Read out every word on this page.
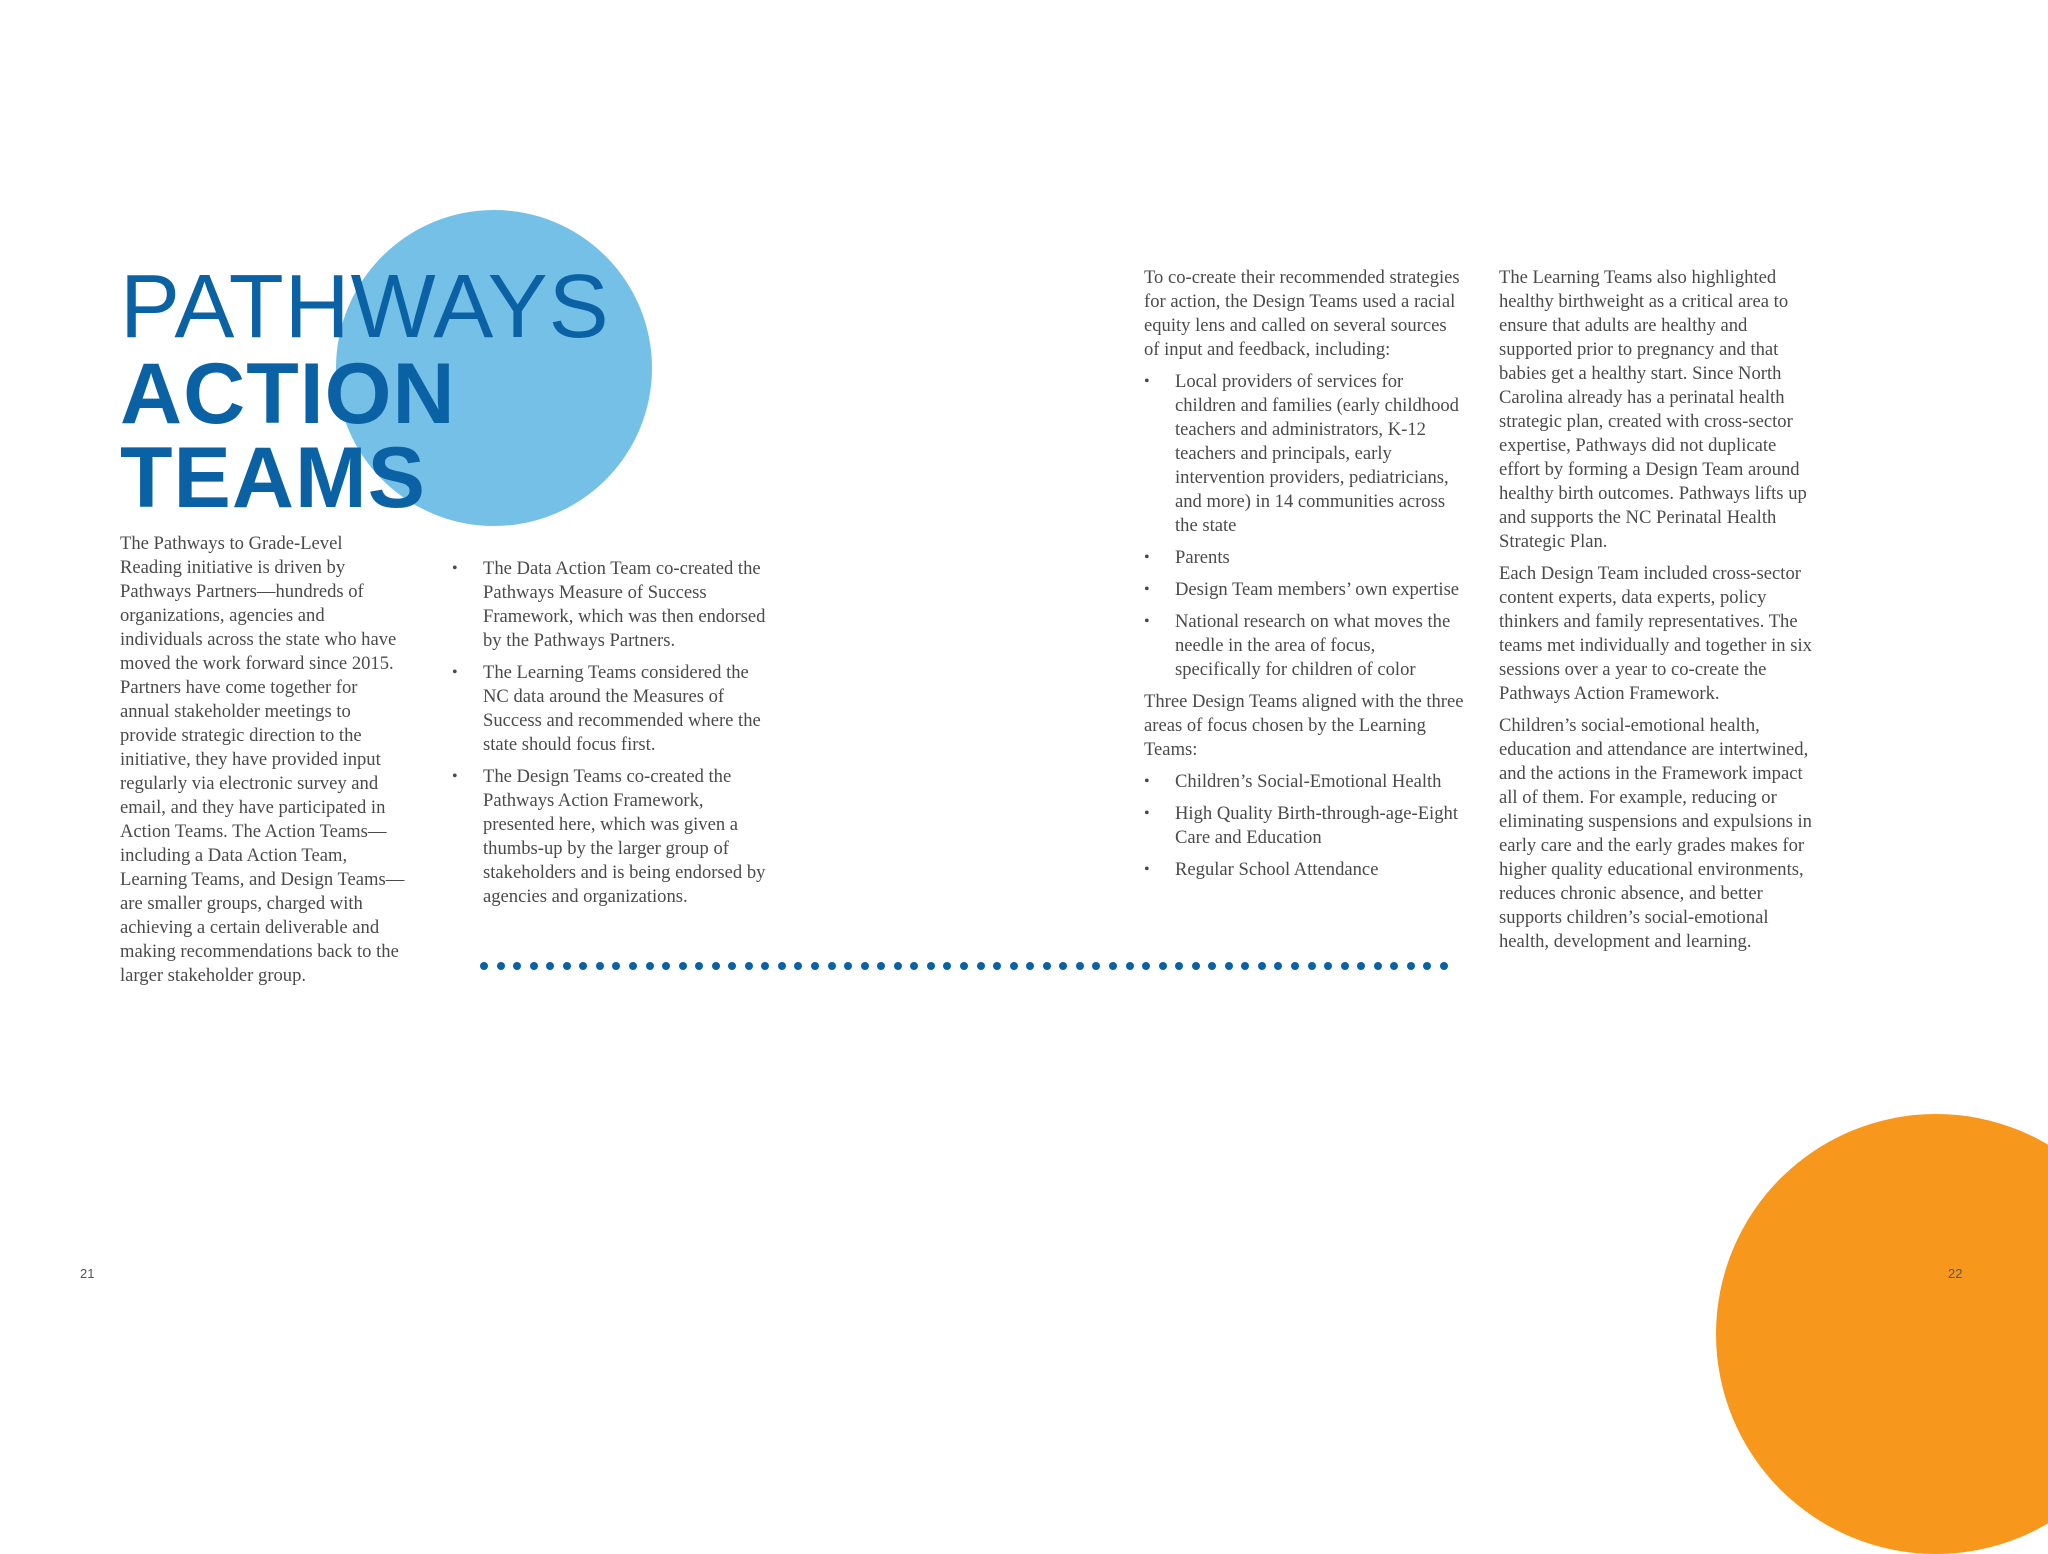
PATHWAYS
ACTION
TEAMS

The Pathways to Grade-Level Reading initiative is driven by Pathways Partners—hundreds of organizations, agencies and individuals across the state who have moved the work forward since 2015. Partners have come together for annual stakeholder meetings to provide strategic direction to the initiative, they have provided input regularly via electronic survey and email, and they have participated in Action Teams. The Action Teams—including a Data Action Team, Learning Teams, and Design Teams—are smaller groups, charged with achieving a certain deliverable and making recommendations back to the larger stakeholder group.

• The Data Action Team co-created the Pathways Measure of Success Framework, which was then endorsed by the Pathways Partners.
• The Learning Teams considered the NC data around the Measures of Success and recommended where the state should focus first.
• The Design Teams co-created the Pathways Action Framework, presented here, which was given a thumbs-up by the larger group of stakeholders and is being endorsed by agencies and organizations.

To co-create their recommended strategies for action, the Design Teams used a racial equity lens and called on several sources of input and feedback, including:

• Local providers of services for children and families (early childhood teachers and administrators, K-12 teachers and principals, early intervention providers, pediatricians, and more) in 14 communities across the state
• Parents
• Design Team members’ own expertise
• National research on what moves the needle in the area of focus, specifically for children of color

Three Design Teams aligned with the three areas of focus chosen by the Learning Teams:

• Children’s Social-Emotional Health
• High Quality Birth-through-age-Eight Care and Education
• Regular School Attendance

The Learning Teams also highlighted healthy birthweight as a critical area to ensure that adults are healthy and supported prior to pregnancy and that babies get a healthy start. Since North Carolina already has a perinatal health strategic plan, created with cross-sector expertise, Pathways did not duplicate effort by forming a Design Team around healthy birth outcomes. Pathways lifts up and supports the NC Perinatal Health Strategic Plan.

Each Design Team included cross-sector content experts, data experts, policy thinkers and family representatives. The teams met individually and together in six sessions over a year to co-create the Pathways Action Framework.

Children’s social-emotional health, education and attendance are intertwined, and the actions in the Framework impact all of them. For example, reducing or eliminating suspensions and expulsions in early care and the early grades makes for higher quality educational environments, reduces chronic absence, and better supports children’s social-emotional health, development and learning.

21	22
